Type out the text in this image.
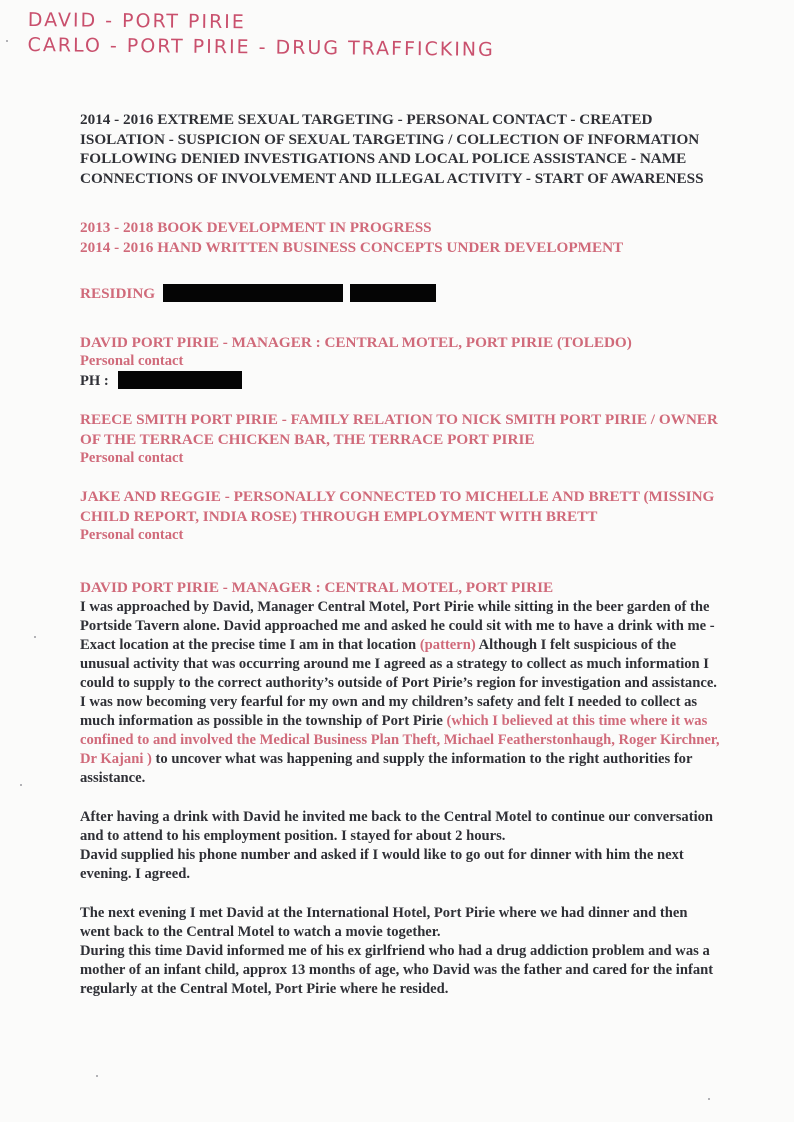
DAVID - PORT PIRIE
CARLO - PORT PIRIE - DRUG TRAFFICKING

2014 - 2016 EXTREME SEXUAL TARGETING - PERSONAL CONTACT - CREATED ISOLATION - SUSPICION OF SEXUAL TARGETING / COLLECTION OF INFORMATION FOLLOWING DENIED INVESTIGATIONS AND LOCAL POLICE ASSISTANCE - NAME CONNECTIONS OF INVOLVEMENT AND ILLEGAL ACTIVITY - START OF AWARENESS

2013 - 2018 BOOK DEVELOPMENT IN PROGRESS

2014 - 2016 HAND WRITTEN BUSINESS CONCEPTS UNDER DEVELOPMENT

RESIDING

DAVID PORT PIRIE - MANAGER : CENTRAL MOTEL, PORT PIRIE (TOLEDO)

Personal contact

PH :

REECE SMITH PORT PIRIE - FAMILY RELATION TO NICK SMITH PORT PIRIE / OWNER OF THE TERRACE CHICKEN BAR, THE TERRACE PORT PIRIE

Personal contact

JAKE AND REGGIE - PERSONALLY CONNECTED TO MICHELLE AND BRETT (MISSING CHILD REPORT, INDIA ROSE) THROUGH EMPLOYMENT WITH BRETT

Personal contact

DAVID PORT PIRIE - MANAGER : CENTRAL MOTEL, PORT PIRIE

I was approached by David, Manager Central Motel, Port Pirie while sitting in the beer garden of the Portside Tavern alone. David approached me and asked he could sit with me to have a drink with me - Exact location at the precise time I am in that location (pattern) Although I felt suspicious of the unusual activity that was occurring around me I agreed as a strategy to collect as much information I could to supply to the correct authority’s outside of Port Pirie’s region for investigation and assistance. I was now becoming very fearful for my own and my children’s safety and felt I needed to collect as much information as possible in the township of Port Pirie (which I believed at this time where it was confined to and involved the Medical Business Plan Theft, Michael Featherstonhaugh, Roger Kirchner, Dr Kajani ) to uncover what was happening and supply the information to the right authorities for assistance.

After having a drink with David he invited me back to the Central Motel to continue our conversation and to attend to his employment position. I stayed for about 2 hours.

David supplied his phone number and asked if I would like to go out for dinner with him the next evening. I agreed.

The next evening I met David at the International Hotel, Port Pirie where we had dinner and then went back to the Central Motel to watch a movie together.

During this time David informed me of his ex girlfriend who had a drug addiction problem and was a mother of an infant child, approx 13 months of age, who David was the father and cared for the infant regularly at the Central Motel, Port Pirie where he resided.
